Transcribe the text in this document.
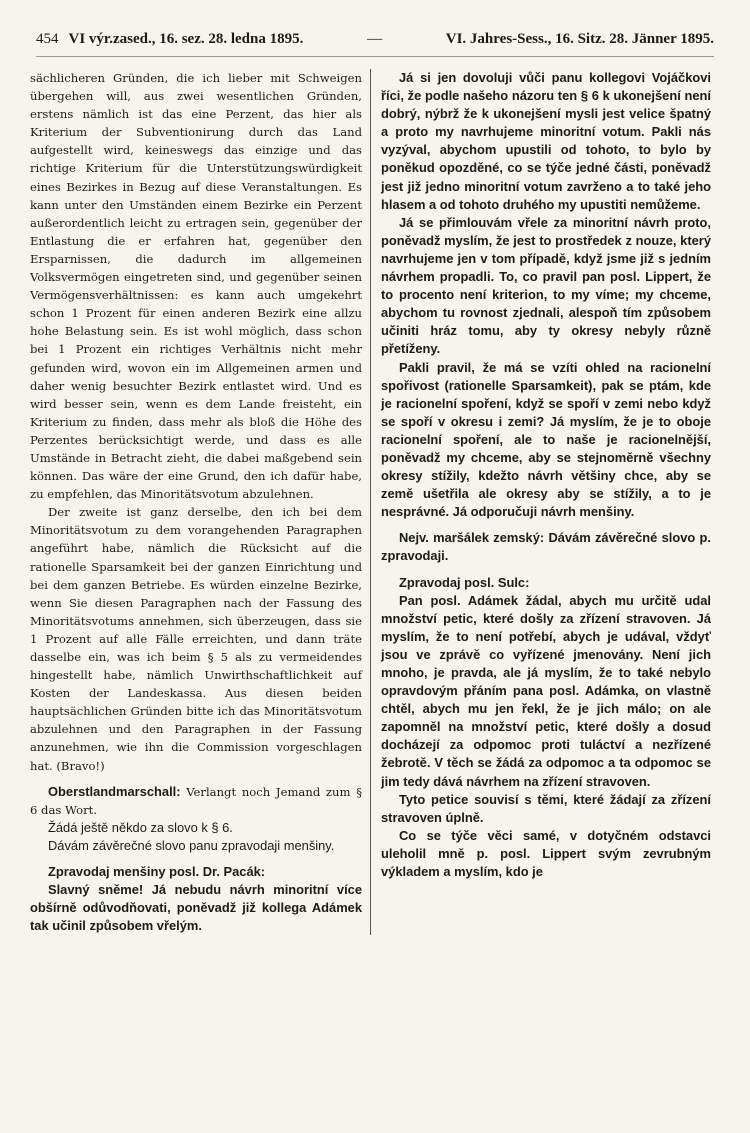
454 VI výr.zased., 16. sez. 28. ledna 1895.	—	VI. Jahres-Sess., 16. Sitz. 28. Jänner 1895.

sächlicheren Gründen, die ich lieber mit Schweigen übergehen will, aus zwei wesentlichen Gründen, erstens nämlich ist das eine Perzent, das hier als Kriterium der Subventionirung durch das Land aufgestellt wird, keineswegs das einzige und das richtige Kriterium für die Unterstützungswürdigkeit eines Bezirkes in Bezug auf diese Veranstaltungen. Es kann unter den Umständen einem Bezirke ein Perzent außerordentlich leicht zu ertragen sein, gegenüber der Entlastung die er erfahren hat, gegenüber den Ersparnissen, die dadurch im allgemeinen Volksvermögen eingetreten sind, und gegenüber seinen Vermögensverhältnissen: es kann auch umgekehrt schon 1 Prozent für einen anderen Bezirk eine allzu hohe Belastung sein. Es ist wohl möglich, dass schon bei 1 Prozent ein richtiges Verhältnis nicht mehr gefunden wird, wovon ein im Allgemeinen armen und daher wenig besuchter Bezirk entlastet wird. Und es wird besser sein, wenn es dem Lande freisteht, ein Kriterium zu finden, dass mehr als bloß die Höhe des Perzentes berücksichtigt werde, und dass es alle Umstände in Betracht zieht, die dabei maßgebend sein können. Das wäre der eine Grund, den ich dafür habe, zu empfehlen, das Minoritätsvotum abzulehnen.

Der zweite ist ganz derselbe, den ich bei dem Minoritätsvotum zu dem vorangehenden Paragraphen angeführt habe, nämlich die Rücksicht auf die rationelle Sparsamkeit bei der ganzen Einrichtung und bei dem ganzen Betriebe. Es würden einzelne Bezirke, wenn Sie diesen Paragraphen nach der Fassung des Minoritätsvotums annehmen, sich überzeugen, dass sie 1 Prozent auf alle Fälle erreichten, und dann träte dasselbe ein, was ich beim § 5 als zu vermeidendes hingestellt habe, nämlich Unwirthschaftlichkeit auf Kosten der Landeskassa. Aus diesen beiden hauptsächlichen Gründen bitte ich das Minoritätsvotum abzulehnen und den Paragraphen in der Fassung anzunehmen, wie ihn die Commission vorgeschlagen hat. (Bravo!)

Oberstlandmarschall: Verlangt noch Jemand zum § 6 das Wort.

Žádá ještě někdo za slovo k § 6.

Dávám závěrečné slovo panu zpravodaji menšiny.

Zpravodaj menšiny posl. Dr. Pacák:

Slavný sněme! Já nebudu návrh minoritní více obšírně odůvodňovati, poněvadž již kollega Adámek tak učinil způsobem vřelým.

Já si jen dovoluji vůči panu kollegovi Vojáčkovi říci, že podle našeho názoru ten § 6 k ukonejšení není dobrý, nýbrž že k ukonejšení mysli jest velice špatný a proto my navrhujeme minoritní votum. Pakli nás vyzýval, abychom upustili od tohoto, to bylo by poněkud opozděné, co se týče jedné části, poněvadž jest již jedno minoritní votum zavrženo a to také jeho hlasem a od tohoto druhého my upustiti nemůžeme.

Já se přimlouvám vřele za minoritní návrh proto, poněvadž myslím, že jest to prostředek z nouze, který navrhujeme jen v tom případě, když jsme již s jedním návrhem propadli. To, co pravil pan posl. Lippert, že to procento není kriterion, to my víme; my chceme, abychom tu rovnost zjednali, alespoň tím způsobem učiniti hráz tomu, aby ty okresy nebyly různě přetíženy.

Pakli pravil, že má se vzíti ohled na racionelní spořivost (rationelle Sparsamkeit), pak se ptám, kde je racionelní spoření, když se spoří v zemi nebo když se spoří v okresu i zemi? Já myslím, že je to oboje racionelní spoření, ale to naše je racionelnější, poněvadž my chceme, aby se stejnoměrně všechny okresy stížily, kdežto návrh většiny chce, aby se země ušetřila ale okresy aby se stížily, a to je nesprávné. Já odporučuji návrh menšiny.

Nejv. maršálek zemský: Dávám závěrečné slovo p. zpravodaji.

Zpravodaj posl. Sulc:

Pan posl. Adámek žádal, abych mu určitě udal množství petic, které došly za zřízení stravoven. Já myslím, že to není potřebí, abych je udával, vždyť jsou ve zprávě co vyřízené jmenovány. Není jich mnoho, je pravda, ale já myslím, že to také nebylo opravdovým přáním pana posl. Adámka, on vlastně chtěl, abych mu jen řekl, že je jich málo; on ale zapomněl na množství petic, které došly a dosud docházejí za odpomoc proti tuláctví a nezřízené žebrotě. V těch se žádá za odpomoc a ta odpomoc se jim tedy dává návrhem na zřízení stravoven.

Tyto petice souvisí s těmi, které žádají za zřízení stravoven úplně.

Co se týče věci samé, v dotyčném odstavci uleholil mně p. posl. Lippert svým zevrubným výkladem a myslím, kdo je
